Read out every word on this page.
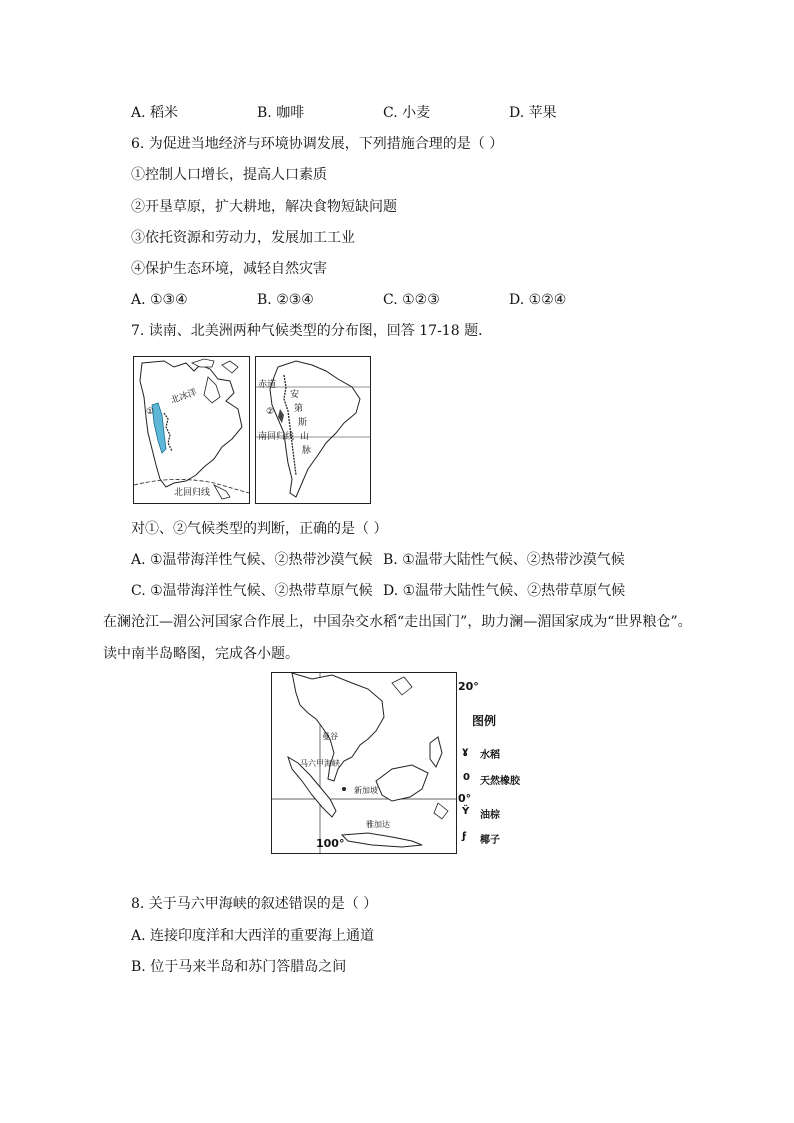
A. 稻米	B. 咖啡	C. 小麦	D. 苹果
6. 为促进当地经济与环境协调发展，下列措施合理的是（ ）
①控制人口增长，提高人口素质
②开垦草原，扩大耕地，解决食物短缺问题
③依托资源和劳动力，发展加工工业
④保护生态环境，减轻自然灾害
A. ①③④	B. ②③④	C. ①②③	D. ①②④
7. 读南、北美洲两种气候类型的分布图，回答 17-18 题．
北冰洋
①
北回归线
赤道
②
南回归线
安
第
斯
山
脉
对①、②气候类型的判断，正确的是（ ）
A. ①温带海洋性气候、②热带沙漠气候 B. ①温带大陆性气候、②热带沙漠气候
C. ①温带海洋性气候、②热带草原气候 D. ①温带大陆性气候、②热带草原气候
在澜沧江—湄公河国家合作展上，中国杂交水稻“走出国门”，助力澜—湄国家成为“世界粮仓”。
读中南半岛略图，完成各小题。
曼谷
马六甲海峡
新加坡
雅加达
100°
20°
0°
图例
ɣ 水稻
0 天然橡胶
Ϋ 油棕
ϝ 椰子
8. 关于马六甲海峡的叙述错误的是（ ）
A. 连接印度洋和大西洋的重要海上通道
B. 位于马来半岛和苏门答腊岛之间
